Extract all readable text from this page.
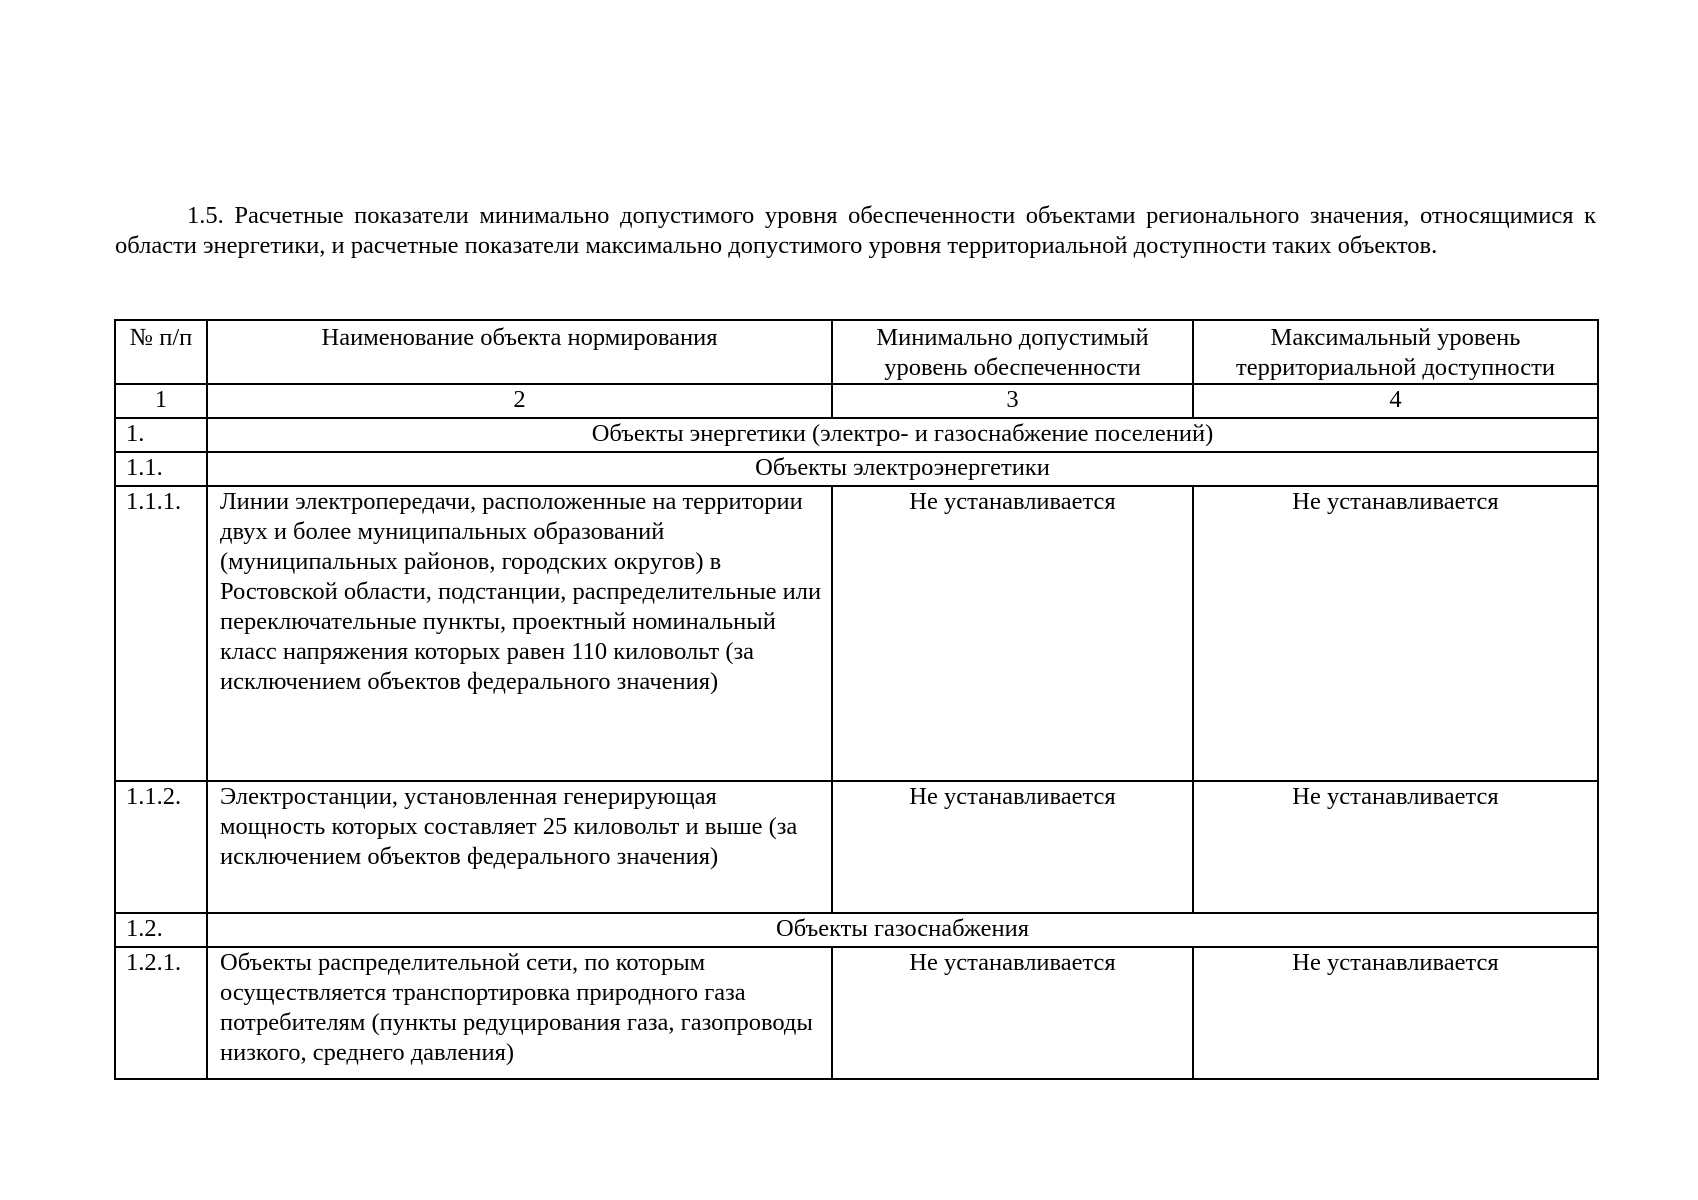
1.5. Расчетные показатели минимально допустимого уровня обеспеченности объектами регионального значения, относящимися к области энергетики, и расчетные показатели максимально допустимого уровня территориальной доступности таких объектов.

№ п/п	Наименование объекта нормирования	Минимально допустимый уровень обеспеченности	Максимальный уровень территориальной доступности
1	2	3	4
1.	Объекты энергетики (электро- и газоснабжение поселений)		
1.1.	Объекты электроэнергетики		
1.1.1.	Линии электропередачи, расположенные на территории двух и более муниципальных образований (муниципальных районов, городских округов) в Ростовской области, подстанции, распределительные или переключательные пункты, проектный номинальный класс напряжения которых равен 110 киловольт (за исключением объектов федерального значения)	Не устанавливается	Не устанавливается
1.1.2.	Электростанции, установленная генерирующая мощность которых составляет 25 киловольт и выше (за исключением объектов федерального значения)	Не устанавливается	Не устанавливается
1.2.	Объекты газоснабжения		
1.2.1.	Объекты распределительной сети, по которым осуществляется транспортировка природного газа потребителям (пункты редуцирования газа, газопроводы низкого, среднего давления)	Не устанавливается	Не устанавливается
